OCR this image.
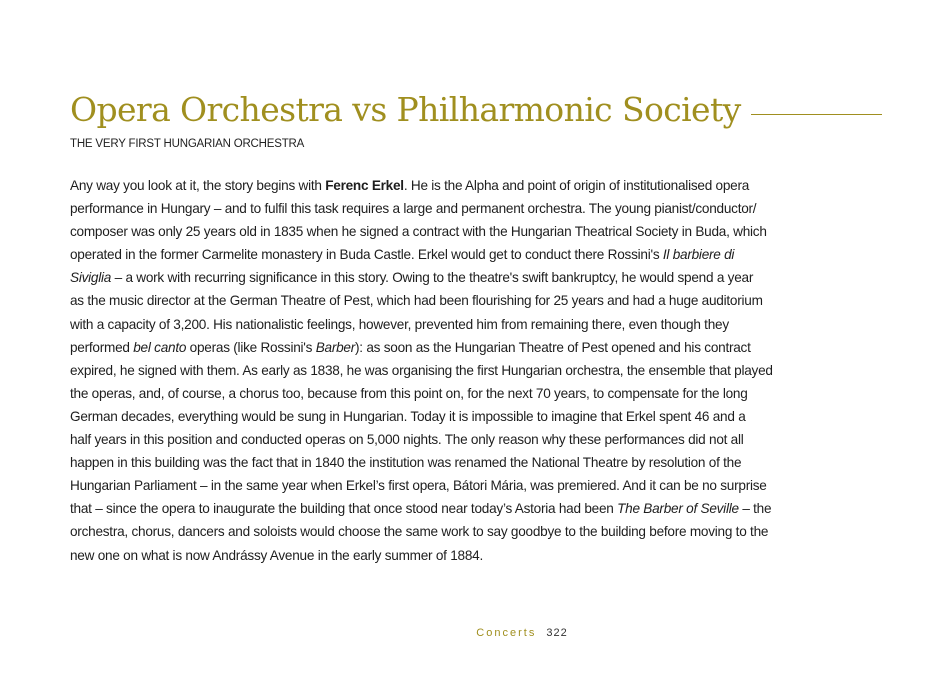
Opera Orchestra vs Philharmonic Society
THE VERY FIRST HUNGARIAN ORCHESTRA
Any way you look at it, the story begins with Ferenc Erkel. He is the Alpha and point of origin of institutionalised opera
performance in Hungary – and to fulfil this task requires a large and permanent orchestra. The young pianist/conductor/
composer was only 25 years old in 1835 when he signed a contract with the Hungarian Theatrical Society in Buda, which
operated in the former Carmelite monastery in Buda Castle. Erkel would get to conduct there Rossini's Il barbiere di
Siviglia – a work with recurring significance in this story. Owing to the theatre's swift bankruptcy, he would spend a year
as the music director at the German Theatre of Pest, which had been flourishing for 25 years and had a huge auditorium
with a capacity of 3,200. His nationalistic feelings, however, prevented him from remaining there, even though they
performed bel canto operas (like Rossini's Barber): as soon as the Hungarian Theatre of Pest opened and his contract
expired, he signed with them. As early as 1838, he was organising the first Hungarian orchestra, the ensemble that played
the operas, and, of course, a chorus too, because from this point on, for the next 70 years, to compensate for the long
German decades, everything would be sung in Hungarian. Today it is impossible to imagine that Erkel spent 46 and a
half years in this position and conducted operas on 5,000 nights. The only reason why these performances did not all
happen in this building was the fact that in 1840 the institution was renamed the National Theatre by resolution of the
Hungarian Parliament – in the same year when Erkel’s first opera, Bátori Mária, was premiered. And it can be no surprise
that – since the opera to inaugurate the building that once stood near today’s Astoria had been The Barber of Seville – the
orchestra, chorus, dancers and soloists would choose the same work to say goodbye to the building before moving to the
new one on what is now Andrássy Avenue in the early summer of 1884.
Concerts 322
